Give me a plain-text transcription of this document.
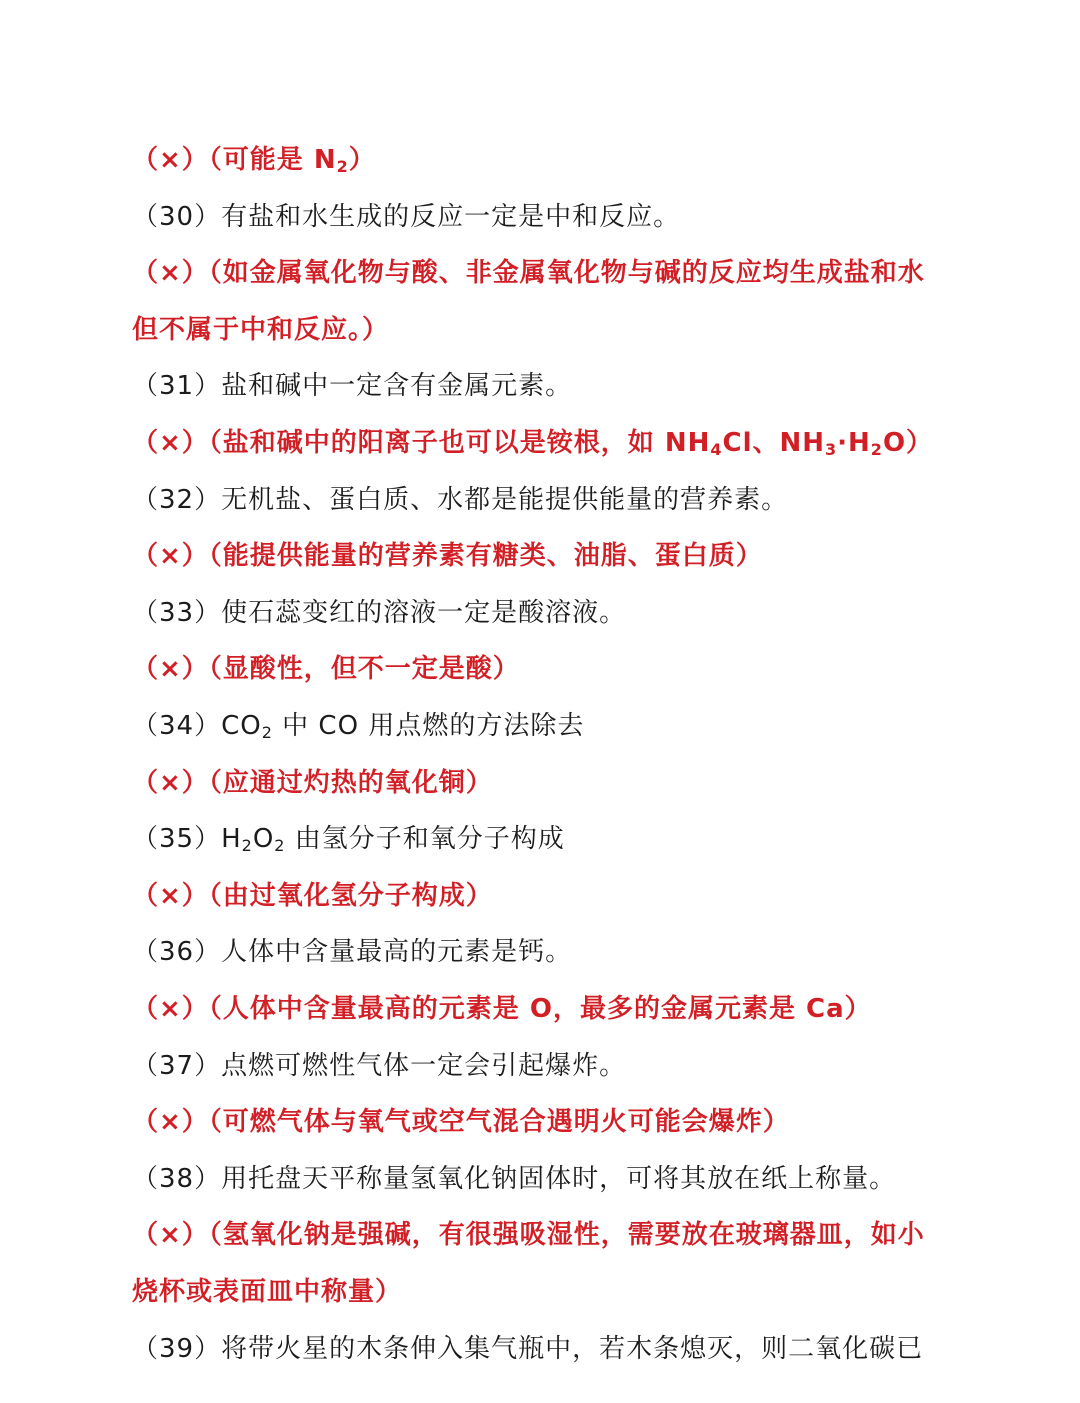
（×）（可能是 $N_2$）
（30）有盐和水生成的反应一定是中和反应。
（×）（如金属氧化物与酸、非金属氧化物与碱的反应均生成盐和水
但不属于中和反应。）
（31）盐和碱中一定含有金属元素。
（×）（盐和碱中的阳离子也可以是铵根，如 $NH_4Cl$、$NH_3\cdot H_2O$）
（32）无机盐、蛋白质、水都是能提供能量的营养素。
（×）（能提供能量的营养素有糖类、油脂、蛋白质）
（33）使石蕊变红的溶液一定是酸溶液。
（×）（显酸性，但不一定是酸）
$(34)CO_2$ 中 CO 用点燃的方法除去
（×）（应通过灼热的氧化铜）
$(35)H_2O_2$ 由氢分子和氧分子构成
（×）（由过氧化氢分子构成）
（36）人体中含量最高的元素是钙。
（×）（人体中含量最高的元素是 O，最多的金属元素是 Ca）
（37）点燃可燃性气体一定会引起爆炸。
（×）（可燃气体与氧气或空气混合遇明火可能会爆炸）
（38）用托盘天平称量氢氧化钠固体时，可将其放在纸上称量。
（×）（氢氧化钠是强碱，有很强吸湿性，需要放在玻璃器皿，如小
烧杯或表面皿中称量）
（39）将带火星的木条伸入集气瓶中，若木条熄灭，则二氧化碳已
